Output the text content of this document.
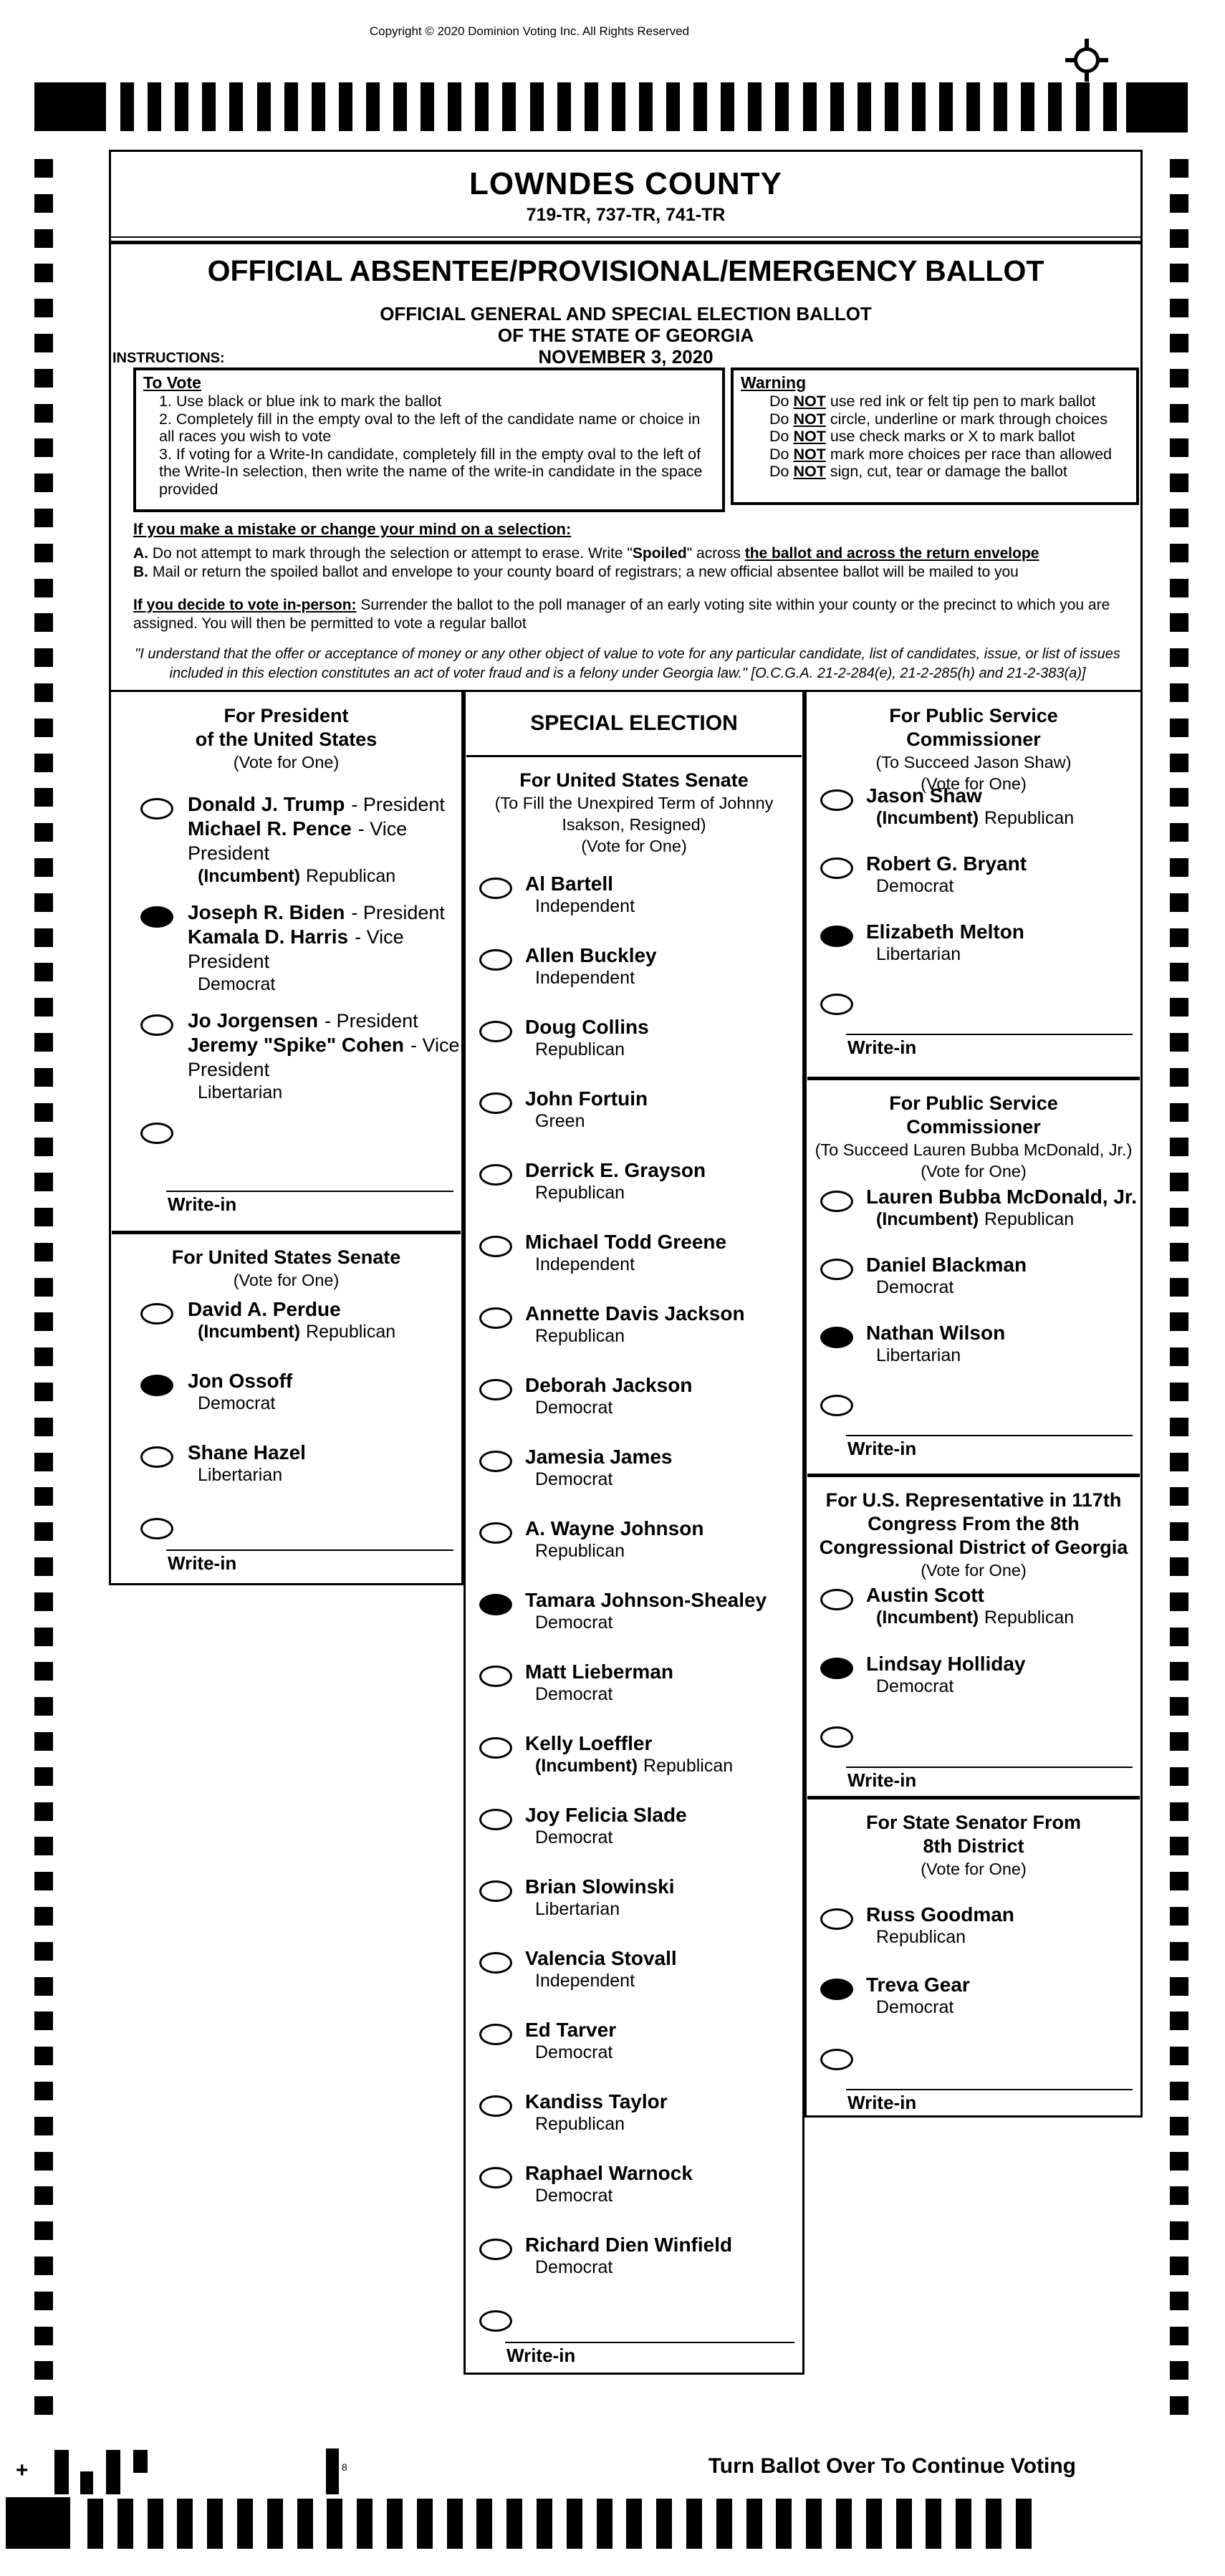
Copyright © 2020 Dominion Voting Inc. All Rights Reserved
LOWNDES COUNTY
719-TR, 737-TR, 741-TR
OFFICIAL ABSENTEE/PROVISIONAL/EMERGENCY BALLOT
OFFICIAL GENERAL AND SPECIAL ELECTION BALLOT
OF THE STATE OF GEORGIA
NOVEMBER 3, 2020
INSTRUCTIONS:
To Vote
1. Use black or blue ink to mark the ballot
2. Completely fill in the empty oval to the left of the candidate name or choice in all races you wish to vote
3. If voting for a Write-In candidate, completely fill in the empty oval to the left of the Write-In selection, then write the name of the write-in candidate in the space provided
Warning
Do NOT use red ink or felt tip pen to mark ballot
Do NOT circle, underline or mark through choices
Do NOT use check marks or X to mark ballot
Do NOT mark more choices per race than allowed
Do NOT sign, cut, tear or damage the ballot
If you make a mistake or change your mind on a selection:
A. Do not attempt to mark through the selection or attempt to erase. Write "Spoiled" across the ballot and across the return envelope
B. Mail or return the spoiled ballot and envelope to your county board of registrars; a new official absentee ballot will be mailed to you
If you decide to vote in-person: Surrender the ballot to the poll manager of an early voting site within your county or the precinct to which you are assigned. You will then be permitted to vote a regular ballot
"I understand that the offer or acceptance of money or any other object of value to vote for any particular candidate, list of candidates, issue, or list of issues included in this election constitutes an act of voter fraud and is a felony under Georgia law." [O.C.G.A. 21-2-284(e), 21-2-285(h) and 21-2-383(a)]
SPECIAL ELECTION
For President
of the United States
(Vote for One)
Donald J. Trump - President
Michael R. Pence - Vice President
(Incumbent) Republican
Joseph R. Biden - President
Kamala D. Harris - Vice President
Democrat
Jo Jorgensen - President
Jeremy "Spike" Cohen - Vice President
Libertarian
Write-in
For United States Senate
(Vote for One)
David A. Perdue
(Incumbent) Republican
Jon Ossoff
Democrat
Shane Hazel
Libertarian
Write-in
For United States Senate
(To Fill the Unexpired Term of Johnny
Isakson, Resigned)
(Vote for One)
Al Bartell
Independent
Allen Buckley
Independent
Doug Collins
Republican
John Fortuin
Green
Derrick E. Grayson
Republican
Michael Todd Greene
Independent
Annette Davis Jackson
Republican
Deborah Jackson
Democrat
Jamesia James
Democrat
A. Wayne Johnson
Republican
Tamara Johnson-Shealey
Democrat
Matt Lieberman
Democrat
Kelly Loeffler
(Incumbent) Republican
Joy Felicia Slade
Democrat
Brian Slowinski
Libertarian
Valencia Stovall
Independent
Ed Tarver
Democrat
Kandiss Taylor
Republican
Raphael Warnock
Democrat
Richard Dien Winfield
Democrat
Write-in
For Public Service
Commissioner
(To Succeed Jason Shaw)
(Vote for One)
Jason Shaw
(Incumbent) Republican
Robert G. Bryant
Democrat
Elizabeth Melton
Libertarian
Write-in
For Public Service
Commissioner
(To Succeed Lauren Bubba McDonald, Jr.)
(Vote for One)
Lauren Bubba McDonald, Jr.
(Incumbent) Republican
Daniel Blackman
Democrat
Nathan Wilson
Libertarian
Write-in
For U.S. Representative in 117th
Congress From the 8th
Congressional District of Georgia
(Vote for One)
Austin Scott
(Incumbent) Republican
Lindsay Holliday
Democrat
Write-in
For State Senator From
8th District
(Vote for One)
Russ Goodman
Republican
Treva Gear
Democrat
Write-in
Turn Ballot Over To Continue Voting
+	8
